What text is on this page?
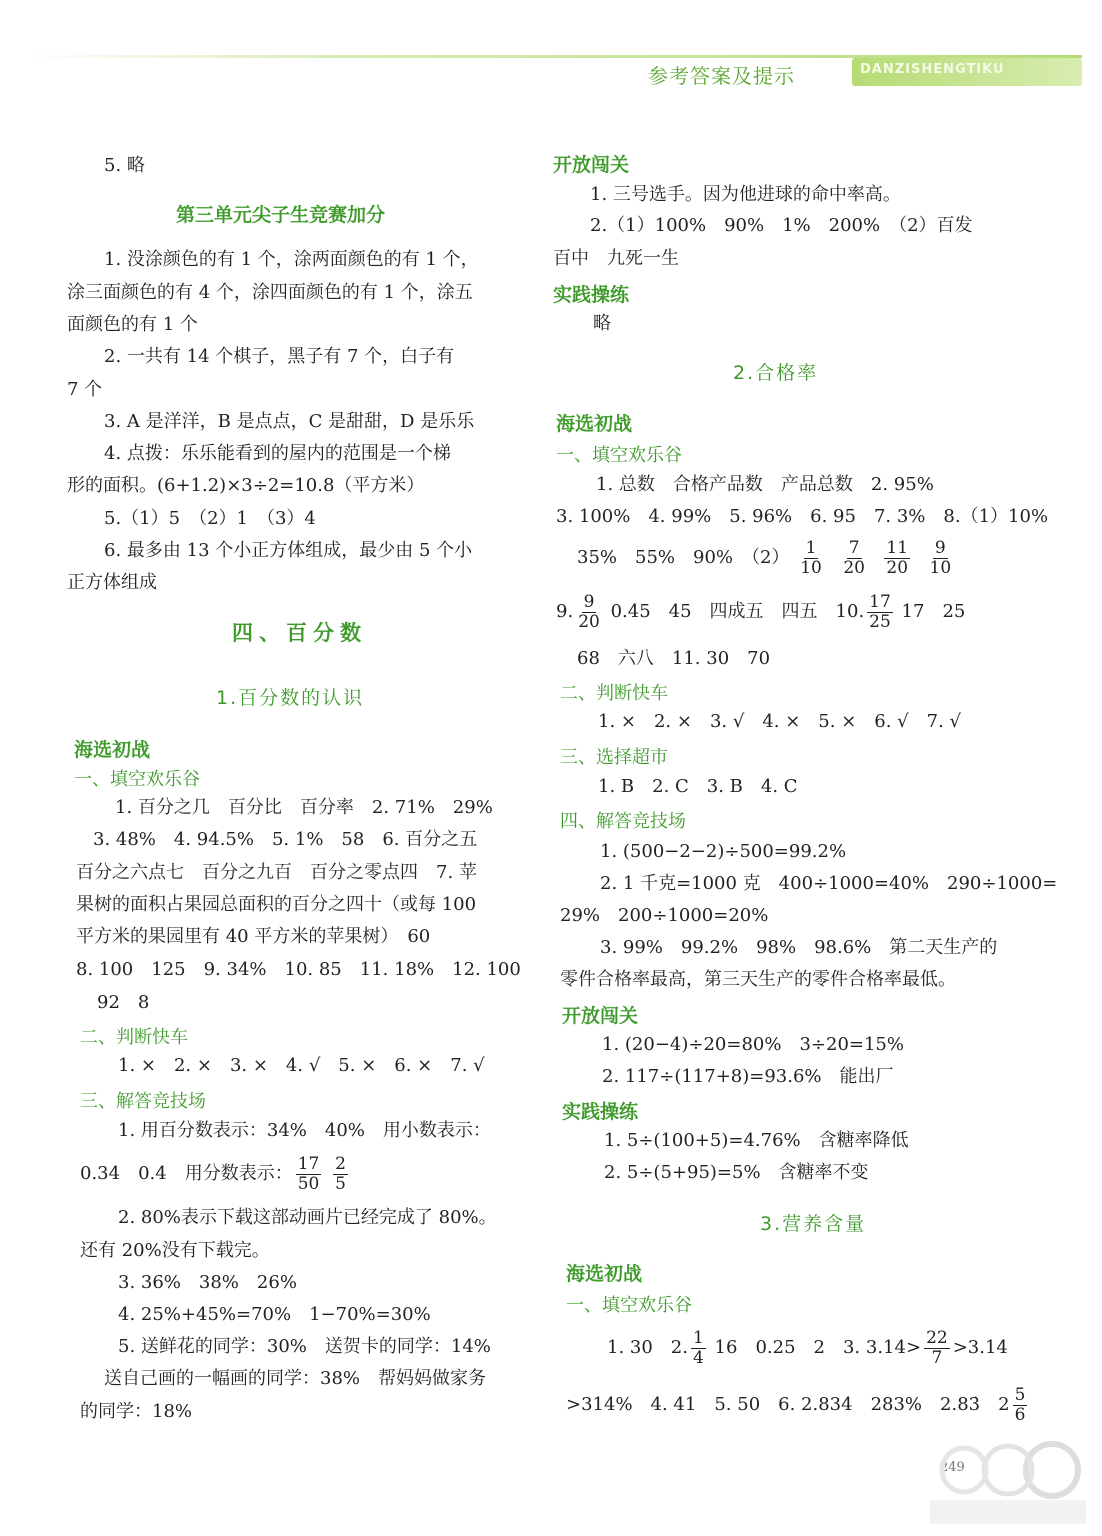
参考答案及提示	DANZISHENGTIKU
5. 略
第三单元尖子生竞赛加分
1. 没涂颜色的有 1 个，涂两面颜色的有 1 个，
涂三面颜色的有 4 个，涂四面颜色的有 1 个，涂五
面颜色的有 1 个
2. 一共有 14 个棋子，黑子有 7 个，白子有
7 个
3. A 是洋洋，B 是点点，C 是甜甜，D 是乐乐
4. 点拨：乐乐能看到的屋内的范围是一个梯
形的面积。(6+1.2)×3÷2=10.8（平方米）
5.（1）5　（2）1　（3）4
6. 最多由 13 个小正方体组成，最少由 5 个小
正方体组成
四、百分数
1.百分数的认识
海选初战
一、填空欢乐谷
1. 百分之几　百分比　百分率　2. 71%　29%
3. 48%　4. 94.5%　5. 1%　58　6. 百分之五
百分之六点七　百分之九百　百分之零点四　7. 苹
果树的面积占果园总面积的百分之四十（或每 100
平方米的果园里有 40 平方米的苹果树）　60
8. 100　125　9. 34%　10. 85　11. 18%　12. 100
92　8
二、判断快车
1. ×　2. ×　3. ×　4. √　5. ×　6. ×　7. √
三、解答竞技场
1. 用百分数表示：34%　40%　用小数表示：
0.34　0.4　用分数表示： $\frac{17}{50}$
$\frac{2}{5}$
2. 80%表示下载这部动画片已经完成了 80%。
还有 20%没有下载完。
3. 36%　38%　26%
4. 25%+45%=70%　1−70%=30%
5. 送鲜花的同学：30%　送贺卡的同学：14%
送自己画的一幅画的同学：38%　帮妈妈做家务
的同学：18%
开放闯关
1. 三号选手。因为他进球的命中率高。
2.（1）100%　90%　1%　200%　（2）百发
百中　九死一生
实践操练
略
2.合格率
海选初战
一、填空欢乐谷
1. 总数　合格产品数　产品总数　2. 95%
3. 100%　4. 99%　5. 96%　6. 95　7. 3%　8.（1）10%
35%　55%　90%　$(2) \frac{1}{10}$
$\frac{7}{20}$
$\frac{11}{20}$
$\frac{9}{10}$
9. $\frac{9}{20} 0.45$　45　四成五　四五　10. $\frac{17}{25} 17$　25
68　六八　11. 30　70
二、判断快车
1. ×　2. ×　3. √　4. ×　5. ×　6. √　7. √
三、选择超市
1. B　2. C　3. B　4. C
四、解答竞技场
1. (500−2−2)÷500=99.2%
2. 1 千克=1000 克　400÷1000=40%　290÷1000=
29%　200÷1000=20%
3. 99%　99.2%　98%　98.6%　第二天生产的
零件合格率最高，第三天生产的零件合格率最低。
开放闯关
1. (20−4)÷20=80%　3÷20=15%
2. 117÷(117+8)=93.6%　能出厂
实践操练
1. 5÷(100+5)=4.76%　含糖率降低
2. 5÷(5+95)=5%　含糖率不变
3.营养含量
海选初战
一、填空欢乐谷
1. 30　2. $\frac{1}{4} 16$　0.25　2　3. 3.14̇> $\frac{22}{7}$ >3.14̇
>314%　4. 41　5. 50　6. 2.834　283%　2.83̇　 $2 \frac{5}{6}$
249
